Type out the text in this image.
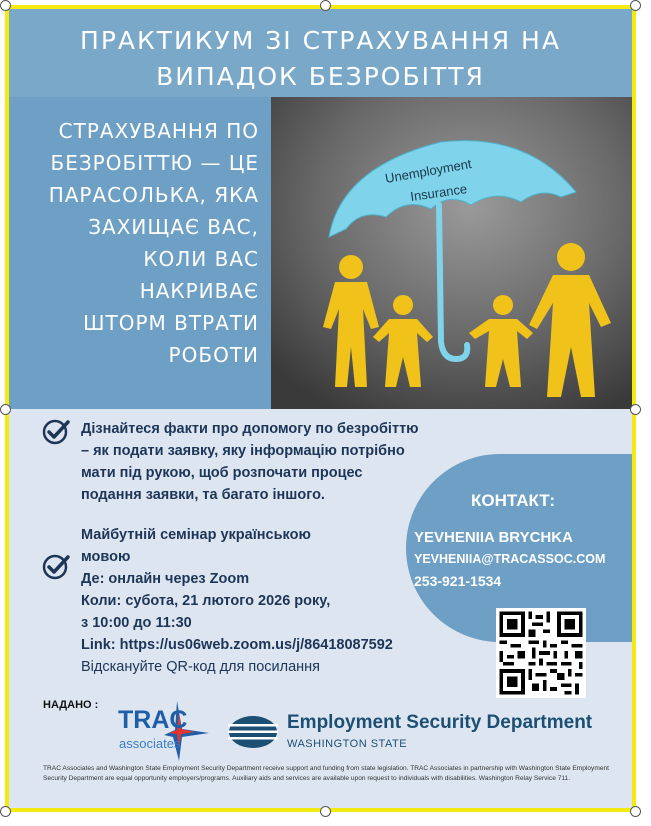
ПРАКТИКУМ ЗІ СТРАХУВАННЯ НА
ВИПАДОК БЕЗРОБІТТЯ
СТРАХУВАННЯ ПО
БЕЗРОБІТТЮ — ЦЕ
ПАРАСОЛЬКА, ЯКА
ЗАХИЩАЄ ВАС,
КОЛИ ВАС
НАКРИВАЄ
ШТОРМ ВТРАТИ
РОБОТИ
Unemployment
Insurance
Дізнайтеся факти про допомогу по безробіттю
– як подати заявку, яку інформацію потрібно
мати під рукою, щоб розпочати процес
подання заявки, та багато іншого.	КОНТАКТ:
YEVHENIIA BRYCHKA
YEVHENIIA@TRACASSOC.COM
253-921-1534
Майбутній семінар українською
мовою
Де: онлайн через Zoom
Коли: субота, 21 лютого 2026 року,
з 10:00 до 11:30
Link: https://us06web.zoom.us/j/86418087592
Відскануйте QR-код для посилання
НАДАНО :
TRAC
associates
Employment Security Department
WASHINGTON STATE
TRAC Associates and Washington State Employment Security Department receive support and funding from state legislation. TRAC Associates in partnership with Washington State Employment Security Department are equal opportunity employers/programs. Auxiliary aids and services are available upon request to individuals with disabilities. Washington Relay Service 711.
